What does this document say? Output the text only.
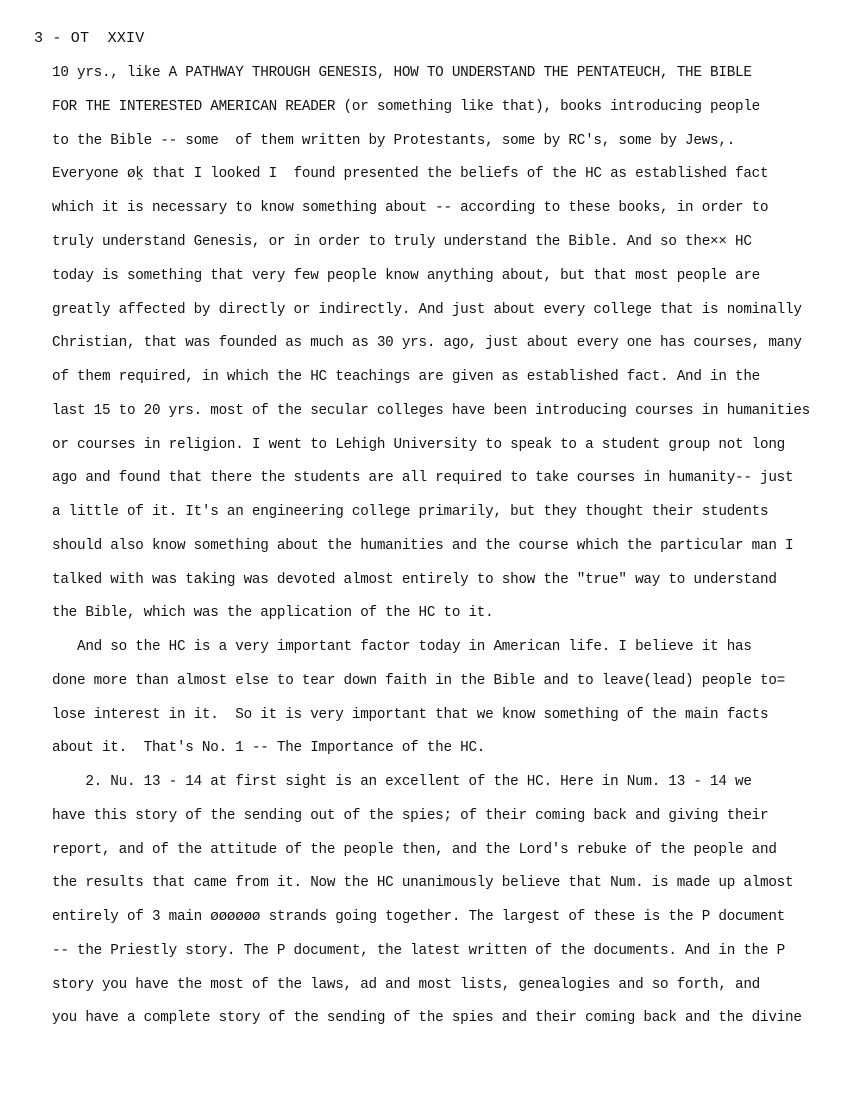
3 - OT  XXIV
10 yrs., like A PATHWAY THROUGH GENESIS, HOW TO UNDERSTAND THE PENTATEUCH, THE BIBLE
FOR THE INTERESTED AMERICAN READER (or something like that), books introducing people
to the Bible -- some  of them written by Protestants, some by RC's, some by Jews,.
Everyone øḵ that I looked I  found presented the beliefs of the HC as established fact
which it is necessary to know something about -- according to these books, in order to
truly understand Genesis, or in order to truly understand the Bible. And so the×× HC
today is something that very few people know anything about, but that most people are
greatly affected by directly or indirectly. And just about every college that is nominally
Christian, that was founded as much as 30 yrs. ago, just about every one has courses, many
of them required, in which the HC teachings are given as established fact. And in the
last 15 to 20 yrs. most of the secular colleges have been introducing courses in humanities
or courses in religion. I went to Lehigh University to speak to a student group not long
ago and found that there the students are all required to take courses in humanity-- just
a little of it. It's an engineering college primarily, but they thought their students
should also know something about the humanities and the course which the particular man I
talked with was taking was devoted almost entirely to show the "true" way to understand
the Bible, which was the application of the HC to it.
And so the HC is a very important factor today in American life. I believe it has
done more than almost else to tear down faith in the Bible and to leave(lead) people to=
lose interest in it.  So it is very important that we know something of the main facts
about it.  That's No. 1 -- The Importance of the HC.
2. Nu. 13 - 14 at first sight is an excellent of the HC. Here in Num. 13 - 14 we
have this story of the sending out of the spies; of their coming back and giving their
report, and of the attitude of the people then, and the Lord's rebuke of the people and
the results that came from it. Now the HC unanimously believe that Num. is made up almost
entirely of 3 main øøøøøø strands going together. The largest of these is the P document
-- the Priestly story. The P document, the latest written of the documents. And in the P
story you have the most of the laws, ad and most lists, genealogies and so forth, and
you have a complete story of the sending of the spies and their coming back and the divine
